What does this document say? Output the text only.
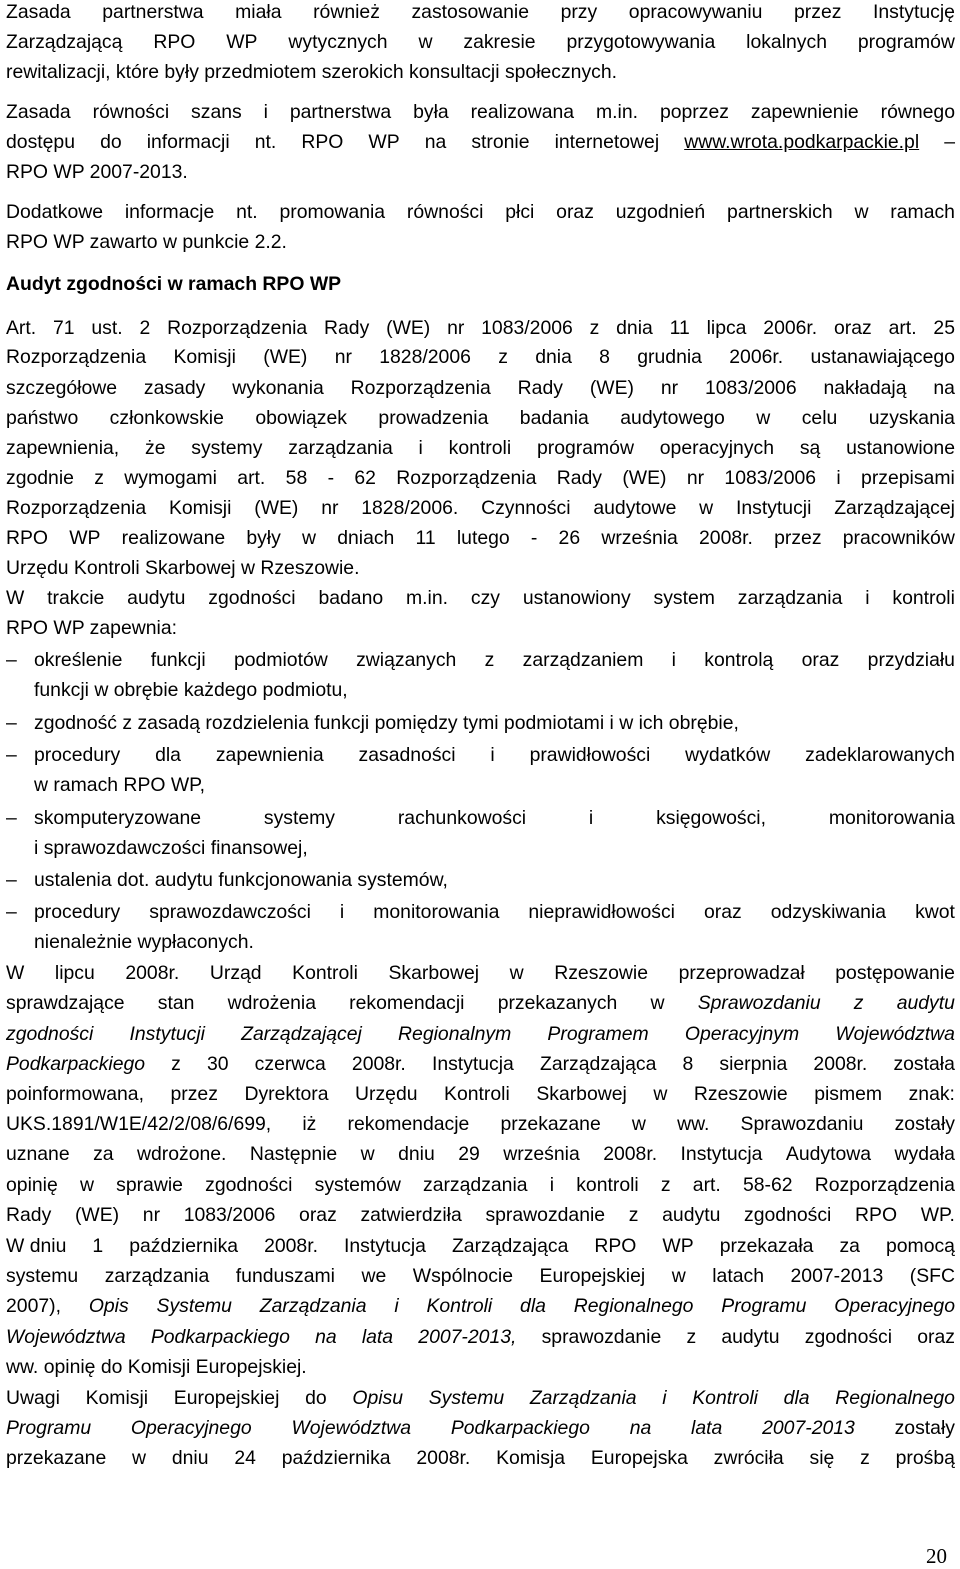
Zasada partnerstwa miała również zastosowanie przy opracowywaniu przez Instytucję
Zarządzającą RPO WP wytycznych w zakresie przygotowywania lokalnych programów
rewitalizacji, które były przedmiotem szerokich konsultacji społecznych.
Zasada równości szans i partnerstwa była realizowana m.in. poprzez zapewnienie równego
dostępu do informacji nt. RPO WP na stronie internetowej www.wrota.podkarpackie.pl –
RPO WP 2007-2013.
Dodatkowe informacje nt. promowania równości płci oraz uzgodnień partnerskich w ramach
RPO WP zawarto w punkcie 2.2.
Audyt zgodności w ramach RPO WP
Art. 71 ust. 2 Rozporządzenia Rady (WE) nr 1083/2006 z dnia 11 lipca 2006r. oraz art. 25
Rozporządzenia Komisji (WE) nr 1828/2006 z dnia 8 grudnia 2006r. ustanawiającego
szczegółowe zasady wykonania Rozporządzenia Rady (WE) nr 1083/2006 nakładają na
państwo członkowskie obowiązek prowadzenia badania audytowego w celu uzyskania
zapewnienia, że systemy zarządzania i kontroli programów operacyjnych są ustanowione
zgodnie z wymogami art. 58 - 62 Rozporządzenia Rady (WE) nr 1083/2006 i przepisami
Rozporządzenia Komisji (WE) nr 1828/2006. Czynności audytowe w Instytucji Zarządzającej
RPO WP realizowane były w dniach 11 lutego - 26 września 2008r. przez pracowników
Urzędu Kontroli Skarbowej w Rzeszowie.
W trakcie audytu zgodności badano m.in. czy ustanowiony system zarządzania i kontroli
RPO WP zapewnia:
– określenie funkcji podmiotów związanych z zarządzaniem i kontrolą oraz przydziału
funkcji w obrębie każdego podmiotu,
– zgodność z zasadą rozdzielenia funkcji pomiędzy tymi podmiotami i w ich obrębie,
– procedury dla zapewnienia zasadności i prawidłowości wydatków zadeklarowanych
w ramach RPO WP,
– skomputeryzowane	systemy	rachunkowości	i	księgowości,	monitorowania
i sprawozdawczości finansowej,
– ustalenia dot. audytu funkcjonowania systemów,
– procedury sprawozdawczości i monitorowania nieprawidłowości oraz odzyskiwania kwot
nienależnie wypłaconych.
W lipcu 2008r. Urząd Kontroli Skarbowej w Rzeszowie przeprowadzał postępowanie
sprawdzające stan wdrożenia rekomendacji przekazanych w Sprawozdaniu z audytu
zgodności Instytucji Zarządzającej Regionalnym Programem Operacyjnym Województwa
Podkarpackiego z 30 czerwca 2008r. Instytucja Zarządzająca 8 sierpnia 2008r. została
poinformowana, przez Dyrektora Urzędu Kontroli Skarbowej w Rzeszowie pismem znak:
UKS.1891/W1E/42/2/08/6/699, iż rekomendacje przekazane w ww. Sprawozdaniu zostały
uznane za wdrożone. Następnie w dniu 29 września 2008r. Instytucja Audytowa wydała
opinię w sprawie zgodności systemów zarządzania i kontroli z art. 58-62 Rozporządzenia
Rady (WE) nr 1083/2006 oraz zatwierdziła sprawozdanie z audytu zgodności RPO WP.
W dniu 1 października 2008r. Instytucja Zarządzająca RPO WP przekazała za pomocą
systemu zarządzania funduszami we Wspólnocie Europejskiej w latach 2007-2013 (SFC
2007), Opis Systemu Zarządzania i Kontroli dla Regionalnego Programu Operacyjnego
Województwa Podkarpackiego na lata 2007-2013, sprawozdanie z audytu zgodności oraz
ww. opinię do Komisji Europejskiej.
Uwagi Komisji Europejskiej do Opisu Systemu Zarządzania i Kontroli dla Regionalnego
Programu Operacyjnego Województwa Podkarpackiego na lata 2007-2013 zostały
przekazane w dniu 24 października 2008r. Komisja Europejska zwróciła się z prośbą
20
